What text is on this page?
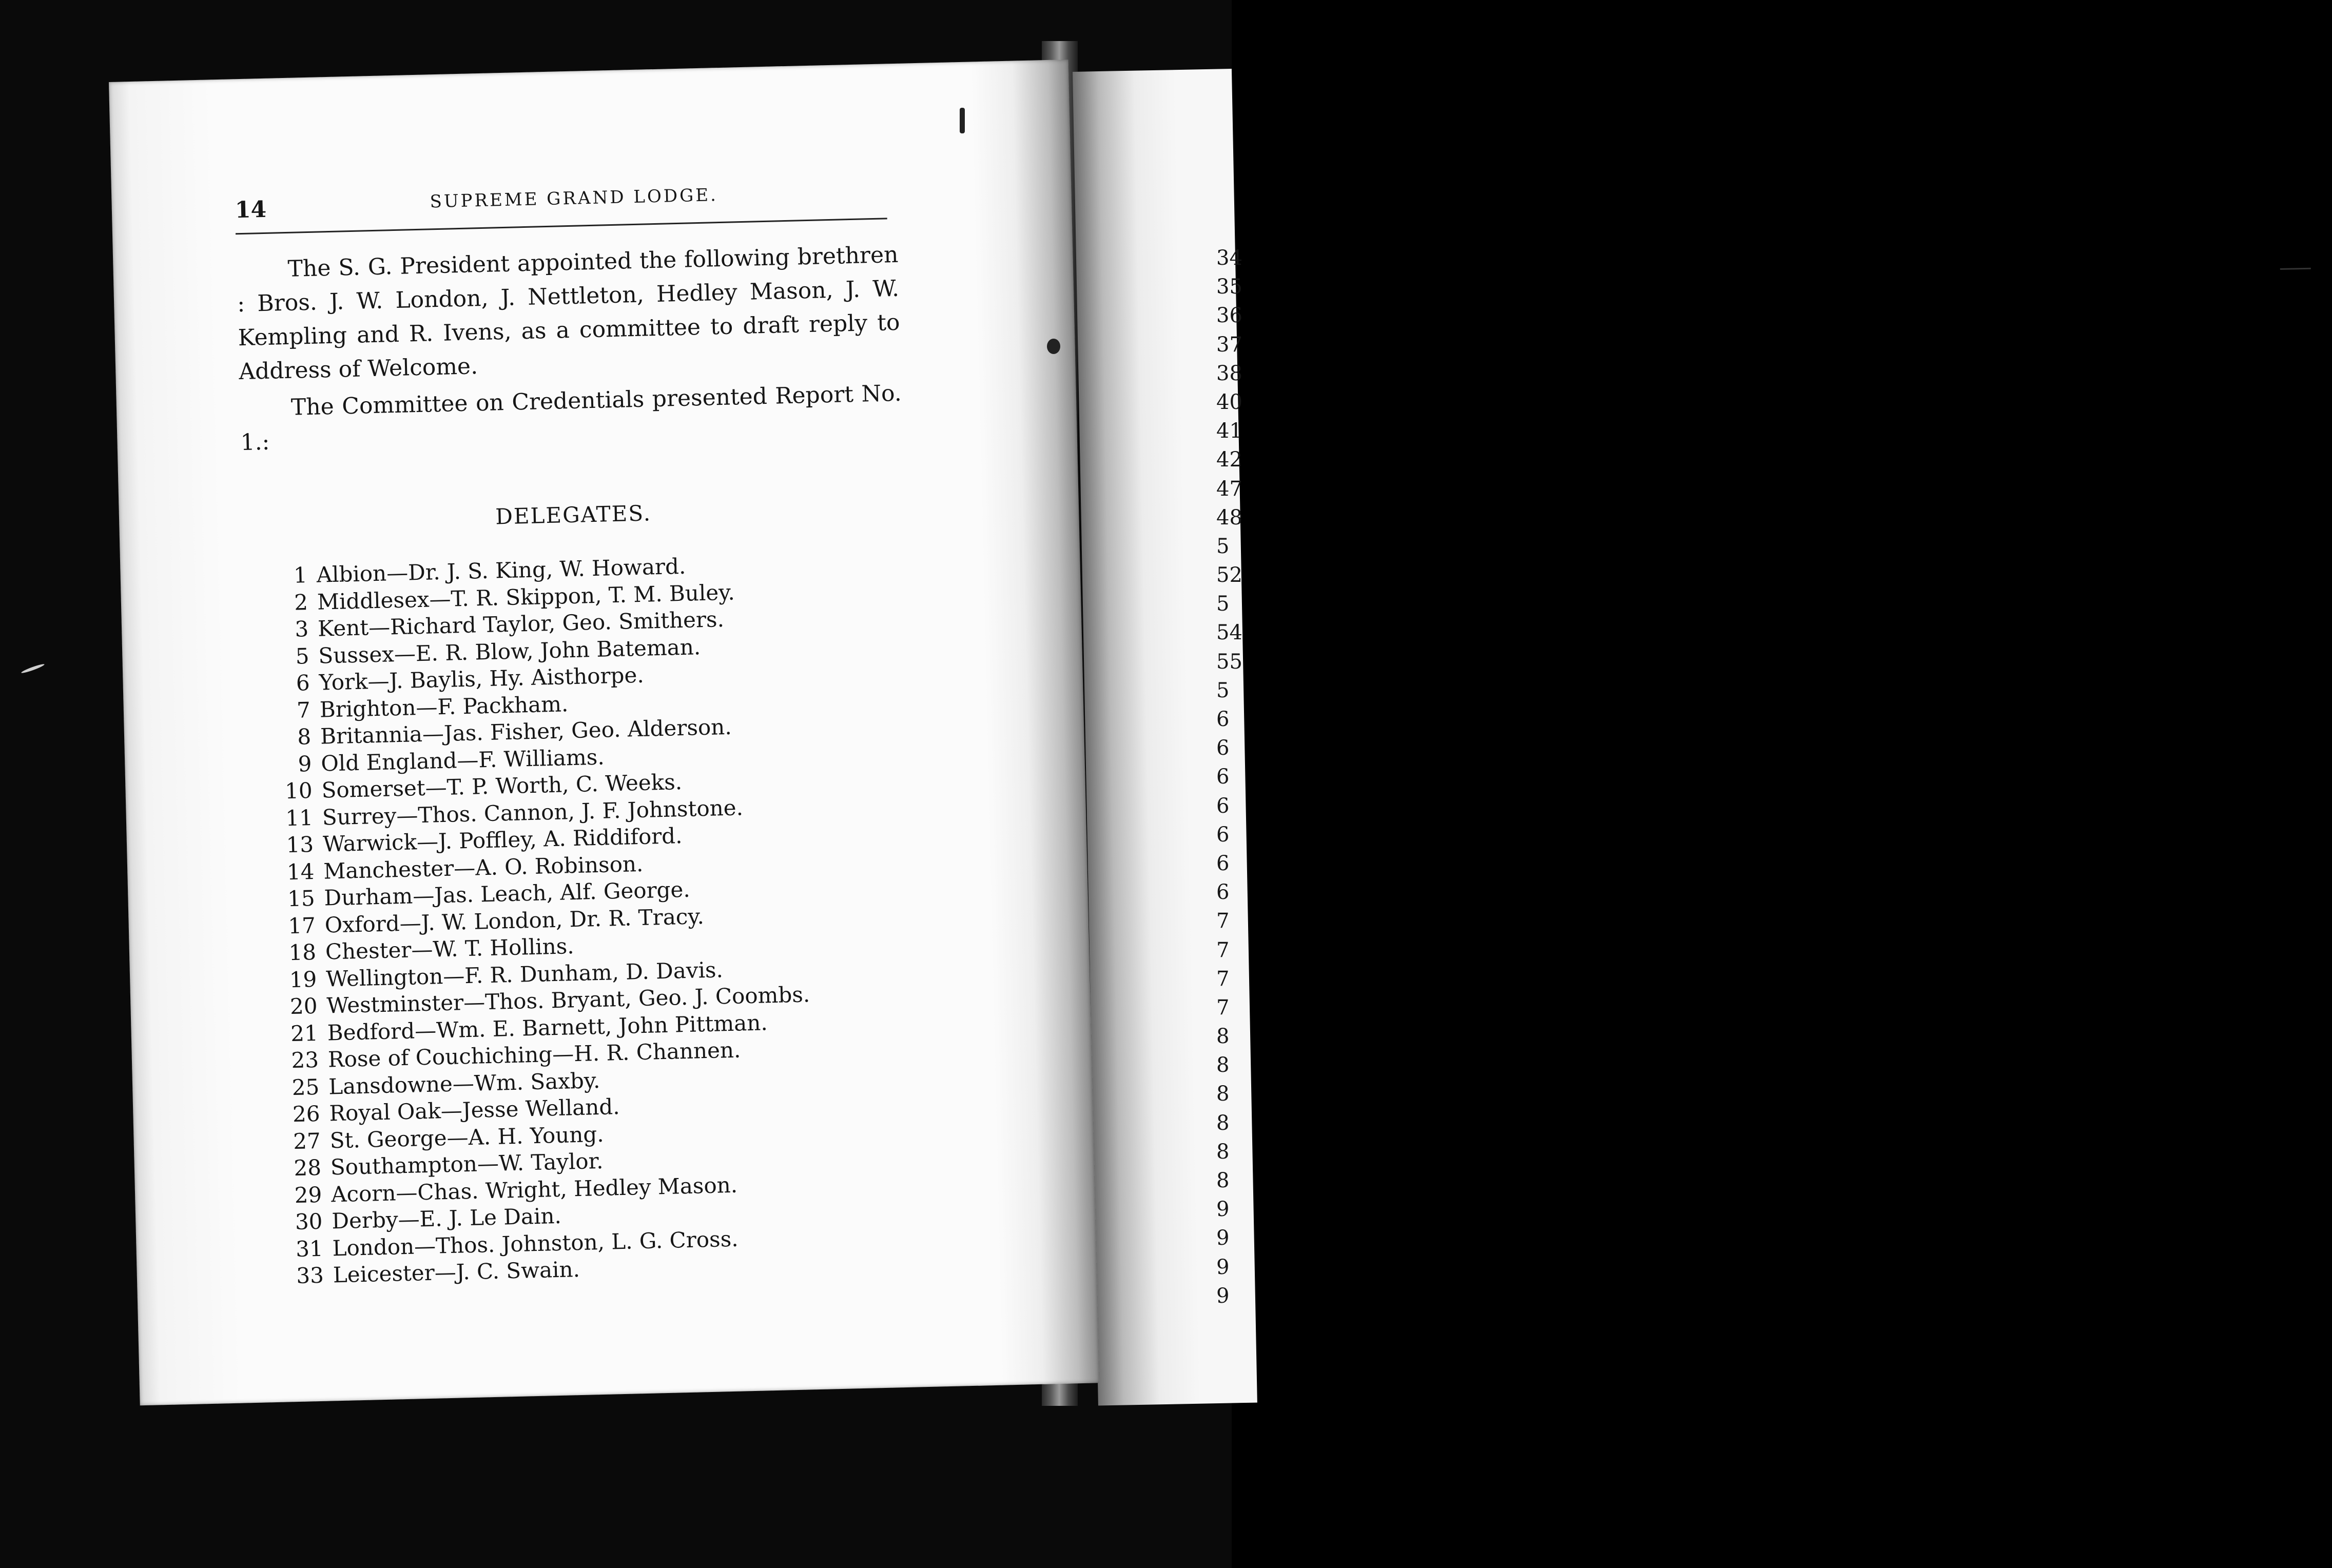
34
35
36
37
38
40
41
42
47
48
5
52
5
54
55
5
6
6
6
6
6
6
6
7
7
7
7
8
8
8
8
8
8
9
9
9
9
14	SUPREME GRAND LODGE.
The S. G. President appointed the following brethren : Bros. J. W. London, J. Nettleton, Hedley Mason, J. W. Kempling and R. Ivens, as a committee to draft reply to Address of Welcome.
The Committee on Credentials presented Report No. 1.:
DELEGATES.
1 Albion—Dr. J. S. King, W. Howard.
2 Middlesex—T. R. Skippon, T. M. Buley.
3 Kent—Richard Taylor, Geo. Smithers.
5 Sussex—E. R. Blow, John Bateman.
6 York—J. Baylis, Hy. Aisthorpe.
7 Brighton—F. Packham.
8 Britannia—Jas. Fisher, Geo. Alderson.
9 Old England—F. Williams.
10 Somerset—T. P. Worth, C. Weeks.
11 Surrey—Thos. Cannon, J. F. Johnstone.
13 Warwick—J. Poffley, A. Riddiford.
14 Manchester—A. O. Robinson.
15 Durham—Jas. Leach, Alf. George.
17 Oxford—J. W. London, Dr. R. Tracy.
18 Chester—W. T. Hollins.
19 Wellington—F. R. Dunham, D. Davis.
20 Westminster—Thos. Bryant, Geo. J. Coombs.
21 Bedford—Wm. E. Barnett, John Pittman.
23 Rose of Couchiching—H. R. Channen.
25 Lansdowne—Wm. Saxby.
26 Royal Oak—Jesse Welland.
27 St. George—A. H. Young.
28 Southampton—W. Taylor.
29 Acorn—Chas. Wright, Hedley Mason.
30 Derby—E. J. Le Dain.
31 London—Thos. Johnston, L. G. Cross.
33 Leicester—J. C. Swain.
